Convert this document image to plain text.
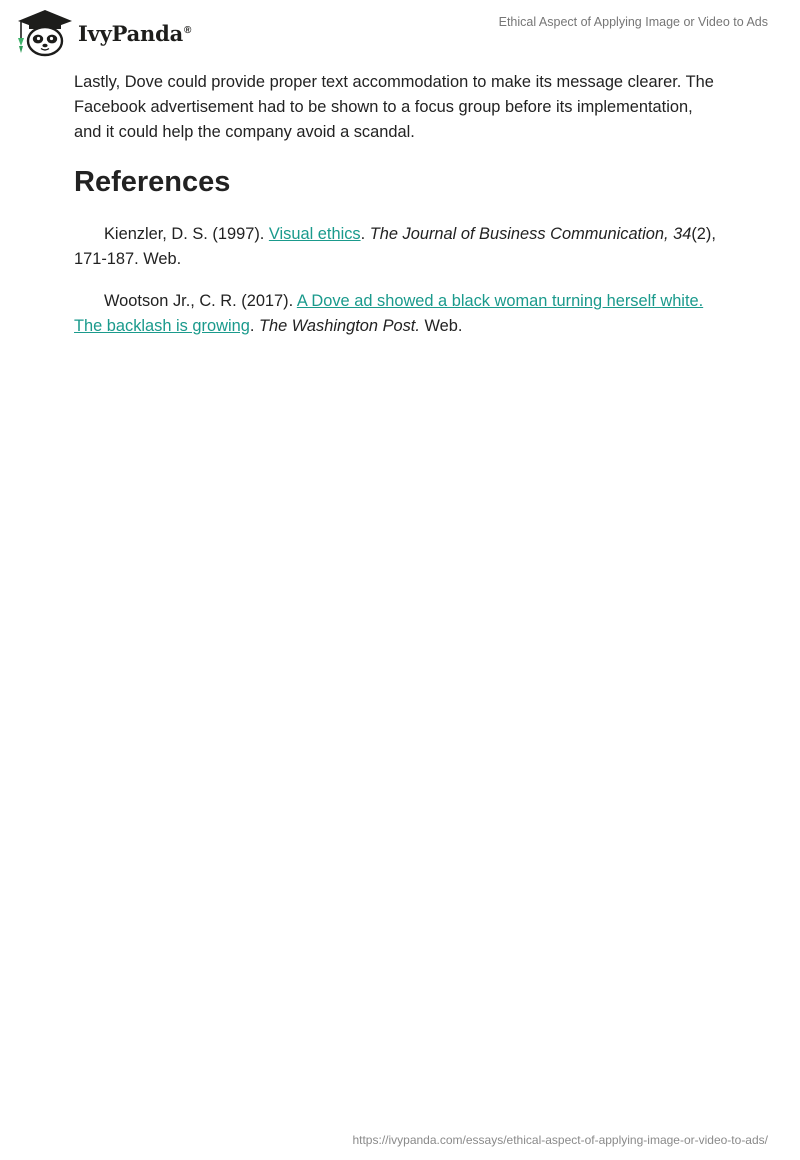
IvyPanda®
Ethical Aspect of Applying Image or Video to Ads

Lastly, Dove could provide proper text accommodation to make its message clearer. The Facebook advertisement had to be shown to a focus group before its implementation, and it could help the company avoid a scandal.

References

Kienzler, D. S. (1997). Visual ethics. The Journal of Business Communication, 34(2), 171-187. Web.

Wootson Jr., C. R. (2017). A Dove ad showed a black woman turning herself white. The backlash is growing. The Washington Post. Web.

https://ivypanda.com/essays/ethical-aspect-of-applying-image-or-video-to-ads/
